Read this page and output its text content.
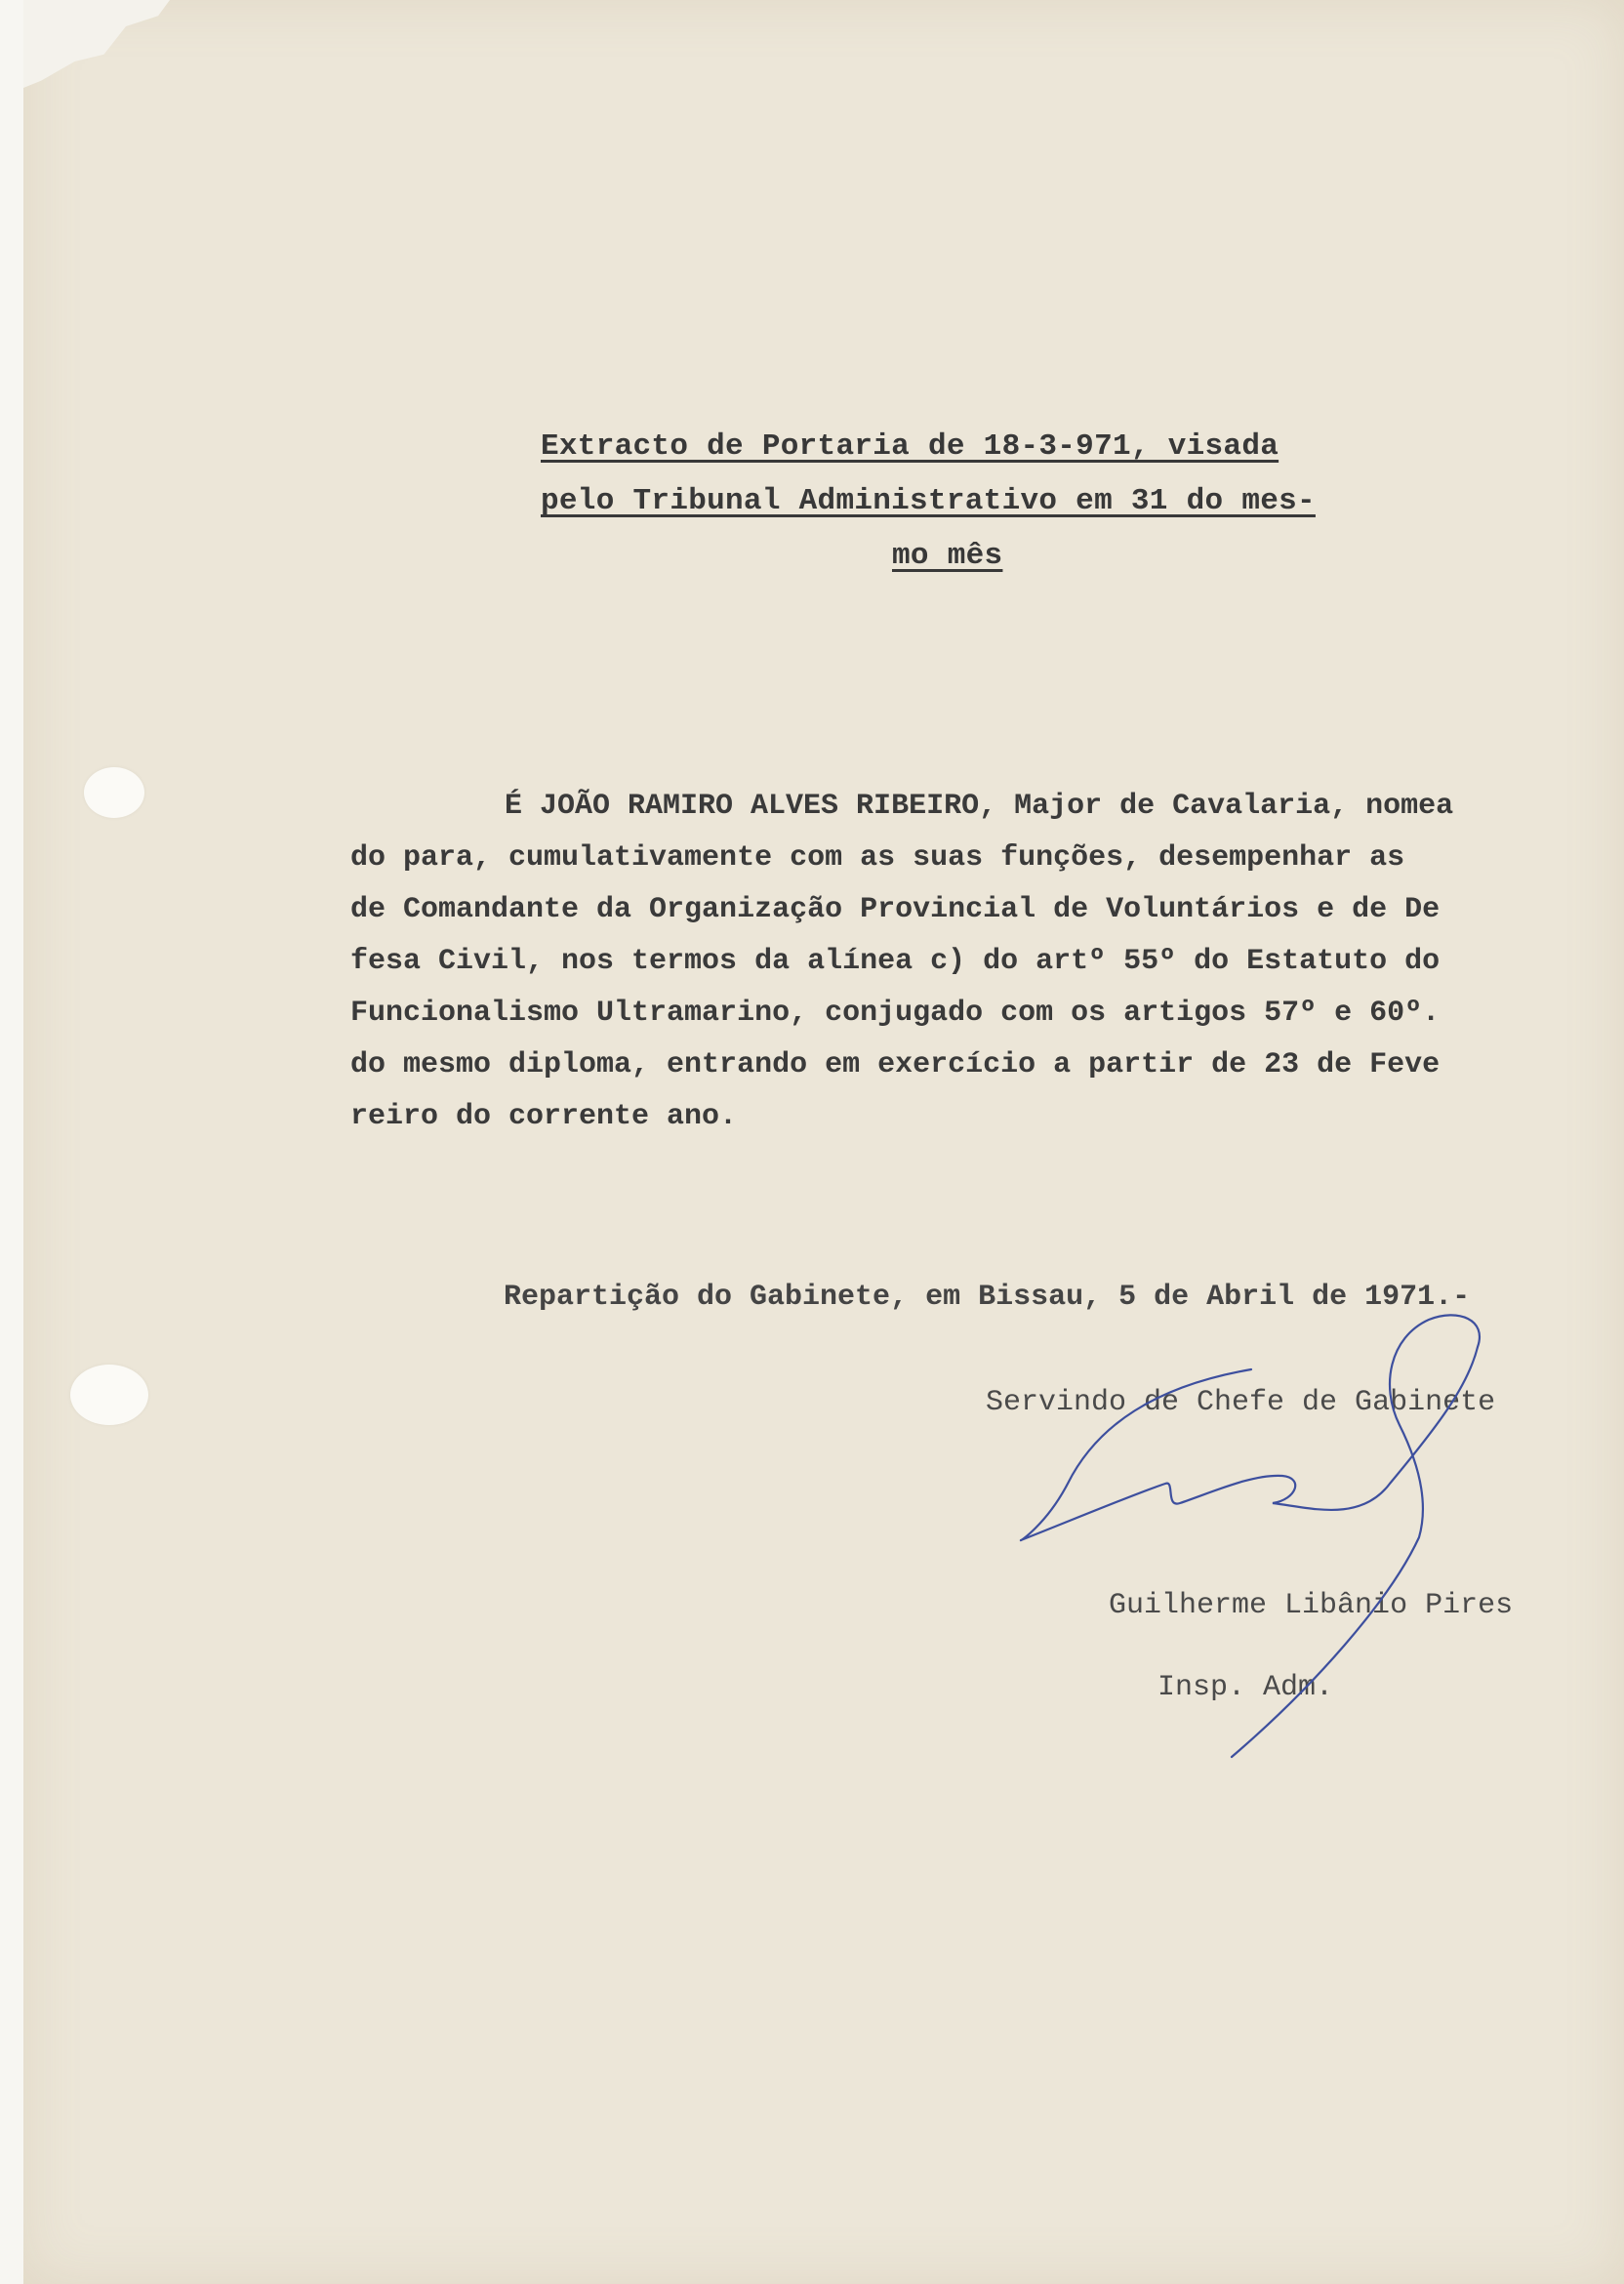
Extracto de Portaria de 18-3-971, visada
pelo Tribunal Administrativo em 31 do mes-
mo mês
É JOÃO RAMIRO ALVES RIBEIRO, Major de Cavalaria, nomea
do para, cumulativamente com as suas funções, desempenhar as
de Comandante da Organização Provincial de Voluntários e de De
fesa Civil, nos termos da alínea c) do artº 55º do Estatuto do
Funcionalismo Ultramarino, conjugado com os artigos 57º e 60º.
do mesmo diploma, entrando em exercício a partir de 23 de Feve
reiro do corrente ano.
Repartição do Gabinete, em Bissau, 5 de Abril de 1971.-
Servindo de Chefe de Gabinete

Guilherme Libânio Pires

Insp. Adm.
